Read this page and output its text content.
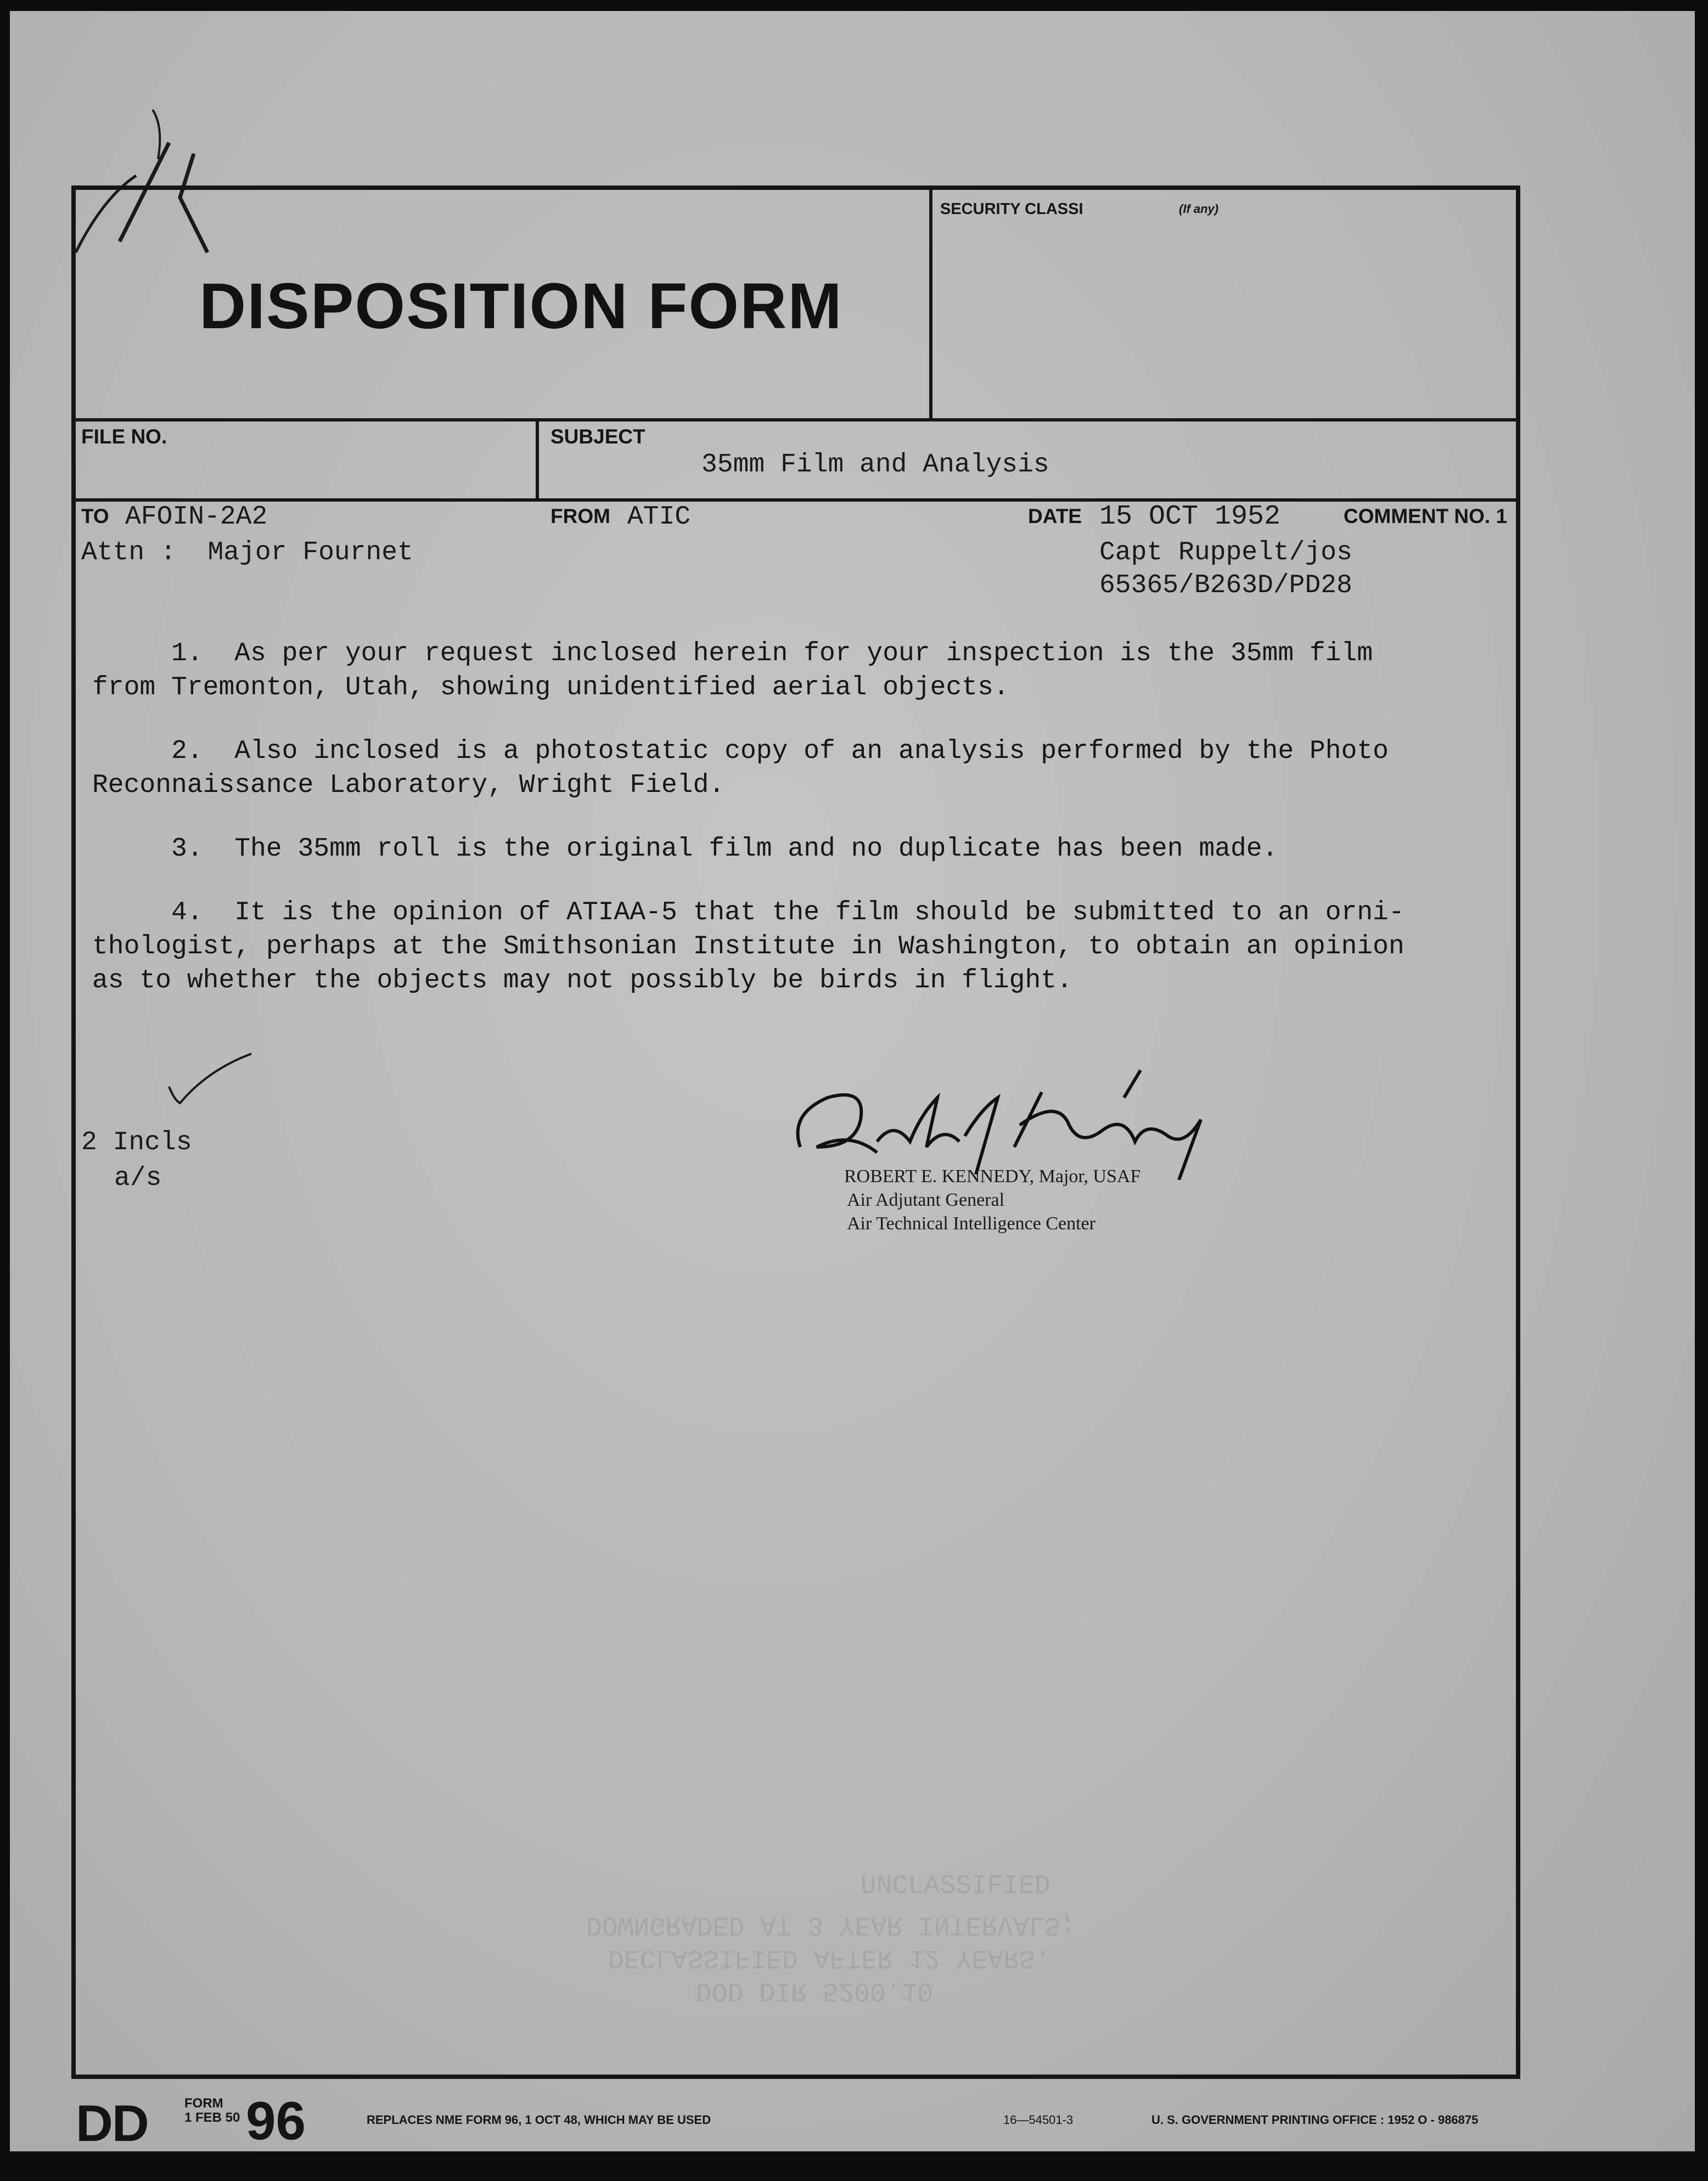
DISPOSITION FORM
SECURITY CLASSI	(If any)
FILE NO.	SUBJECT
35mm Film and Analysis
TO AFOIN-2A2
Attn :  Major Fournet
FROM ATIC	DATE 15 OCT 1952	COMMENT NO. 1
Capt Ruppelt/jos
65365/B263D/PD28
1.  As per your request inclosed herein for your inspection is the 35mm film
from Tremonton, Utah, showing unidentified aerial objects.
2.  Also inclosed is a photostatic copy of an analysis performed by the Photo
Reconnaissance Laboratory, Wright Field.
3.  The 35mm roll is the original film and no duplicate has been made.
4.  It is the opinion of ATIAA-5 that the film should be submitted to an orni-
thologist, perhaps at the Smithsonian Institute in Washington, to obtain an opinion
as to whether the objects may not possibly be birds in flight.
2 Incls
a/s	ROBERT E. KENNEDY, Major, USAF
Air Adjutant General
Air Technical Intelligence Center
UNCLASSIFIED
DOWNGRADED AT 3 YEAR INTERVALS;
DECLASSIFIED AFTER 12 YEARS.
DOD DIR 5200.10
DD	FORM
1 FEB 50 96	REPLACES NME FORM 96, 1 OCT 48, WHICH MAY BE USED	16—54501-3	U. S. GOVERNMENT PRINTING OFFICE : 1952 O - 986875
